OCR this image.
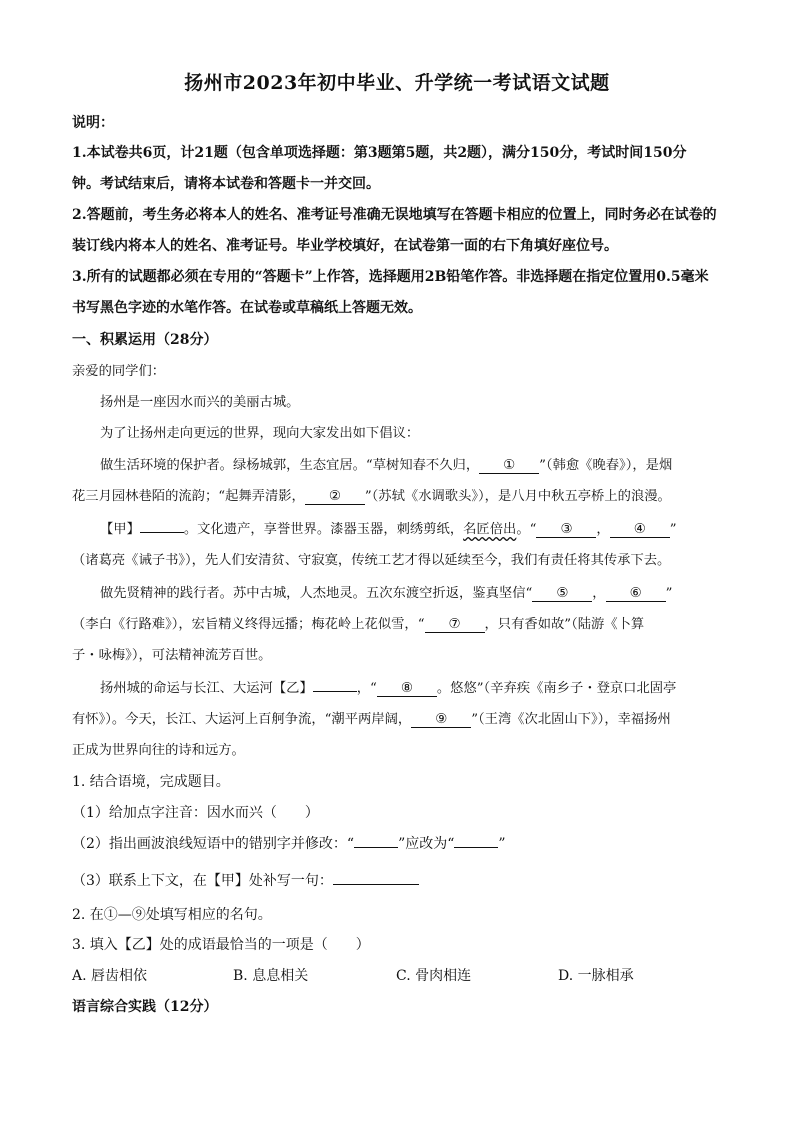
扬州市2023年初中毕业、升学统一考试语文试题
说明：
1.本试卷共6页，计21题（包含单项选择题：第3题第5题，共2题），满分150分，考试时间150分
钟。考试结束后，请将本试卷和答题卡一并交回。
2.答题前，考生务必将本人的姓名、准考证号准确无误地填写在答题卡相应的位置上，同时务必在试卷的
装订线内将本人的姓名、准考证号。毕业学校填好，在试卷第一面的右下角填好座位号。
3.所有的试题都必须在专用的“答题卡”上作答，选择题用2B铅笔作答。非选择题在指定位置用0.5毫米
书写黑色字迹的水笔作答。在试卷或草稿纸上答题无效。
一、积累运用（28分）
亲爱的同学们：
扬州是一座因水而兴的美丽古城。
为了让扬州走向更远的世界，现向大家发出如下倡议：
做生活环境的保护者。绿杨城郭，生态宜居。“草树知春不久归， ① ”（韩愈《晚春》），是烟
花三月园林巷陌的流韵；“起舞弄清影， ② ”（苏轼《水调歌头》），是八月中秋五亭桥上的浪漫。
【甲】	。文化遗产，享誉世界。漆器玉器，刺绣剪纸，名匠倍出。“ ③ ， ④ ”
（诸葛亮《诫子书》），先人们安清贫、守寂寞，传统工艺才得以延续至今，我们有责任将其传承下去。
做先贤精神的践行者。苏中古城，人杰地灵。五次东渡空折返，鉴真坚信“ ⑤ ， ⑥ ”
（李白《行路难》），宏旨精义终得远播；梅花岭上花似雪，“ ⑦ ，只有香如故”（陆游《卜算
子・咏梅》），可法精神流芳百世。
扬州城的命运与长江、大运河【乙】	，“ ⑧ 。悠悠”（辛弃疾《南乡子・登京口北固亭
有怀》）。今天，长江、大运河上百舸争流，“潮平两岸阔， ⑨ ”（王湾《次北固山下》），幸福扬州
正成为世界向往的诗和远方。
1. 结合语境，完成题目。
（1）给加点字注音：因水而兴（　　）
（2）指出画波浪线短语中的错别字并修改：“	”应改为“	”
（3）联系上下文，在【甲】处补写一句：
2. 在①—⑨处填写相应的名句。
3. 填入【乙】处的成语最恰当的一项是（　　）
A. 唇齿相依	B. 息息相关	C. 骨肉相连	D. 一脉相承
语言综合实践（12分）
